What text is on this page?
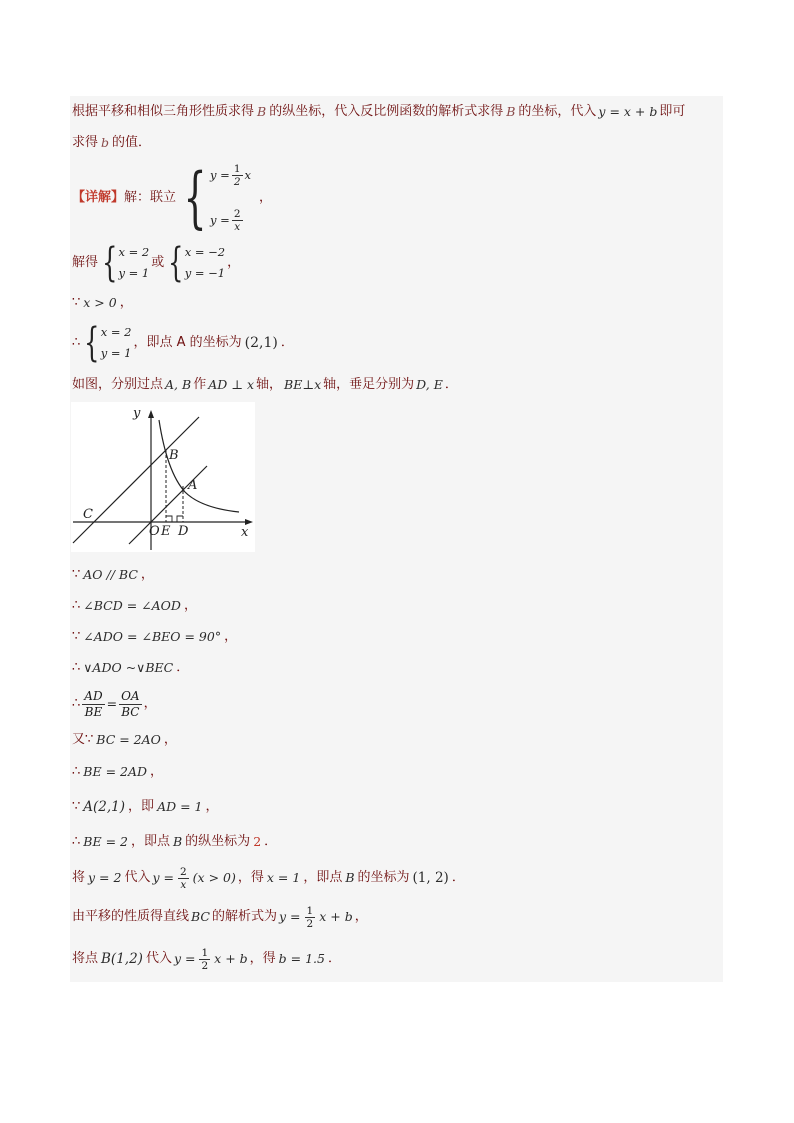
根据平移和相似三角形性质求得 B 的纵坐标，代入反比例函数的解析式求得 B 的坐标，代入 y = x + b 即可
求得 b 的值．
【详解】 解：联立 { $y = \frac{1}{2}$ x
$y = \frac{2}{x}$
，
解得 { x = 2
y = 1
或 { x = −2
y = −1
，
∵ x > 0 ，
∴ { x = 2
y = 1
，即点 A 的坐标为 (2,1) ．
如图，分别过点 A, B 作 AD ⊥ x 轴， BE⊥x 轴，垂足分别为 D, E ．
y
x
B
A
C
O E D
∵ AO // BC ，
∴ ∠BCD = ∠AOD ，
∵ ∠ADO = ∠BEO = 90° ，
∴ ∨ADO ~∨BEC ．
∴ $\frac{AD}{BE} = \frac{OA}{BC}$ ，
又∵ BC = 2AO ，
∴ BE = 2AD ，
∵ A(2,1) ，即 AD = 1 ，
∴ BE = 2 ，即点 B 的纵坐标为 2 ．
将 y = 2 代入 $y = \frac{2}{x} (x > 0)$ ，得 x = 1 ，即点 B 的坐标为 (1, 2) ．
由平移的性质得直线 BC 的解析式为 $y = \frac{1}{2}$ x + b ，
将点 B(1,2) 代入 $y = \frac{1}{2}$ x + b ，得 b = 1.5 ．
